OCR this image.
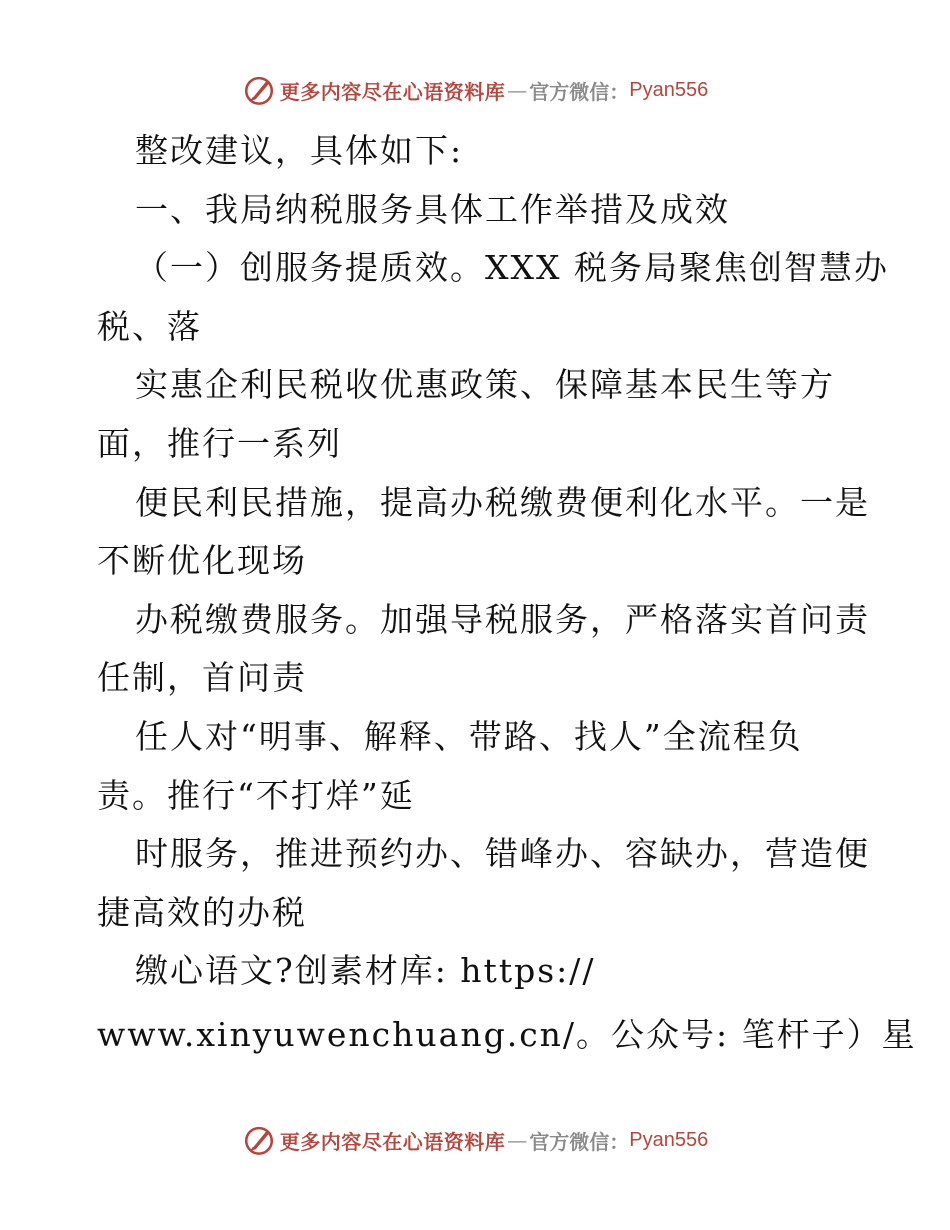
更多内容尽在心语资料库 — 官方微信： Pyan556
整改建议，具体如下:
一、我局纳税服务具体工作举措及成效
（一）创服务提质效。XXX 税务局聚焦创智慧办
税、落
实惠企利民税收优惠政策、保障基本民生等方
面，推行一系列
便民利民措施，提高办税缴费便利化水平。一是
不断优化现场
办税缴费服务。加强导税服务，严格落实首问责
任制，首问责
任人对“明事、解释、带路、找人”全流程负
责。推行“不打烊”延
时服务，推进预约办、错峰办、容缺办，营造便
捷高效的办税
缴心语文?创素材库: https://
www.xinyuwenchuang.cn/。公众号: 笔杆子）星
更多内容尽在心语资料库 — 官方微信： Pyan556
